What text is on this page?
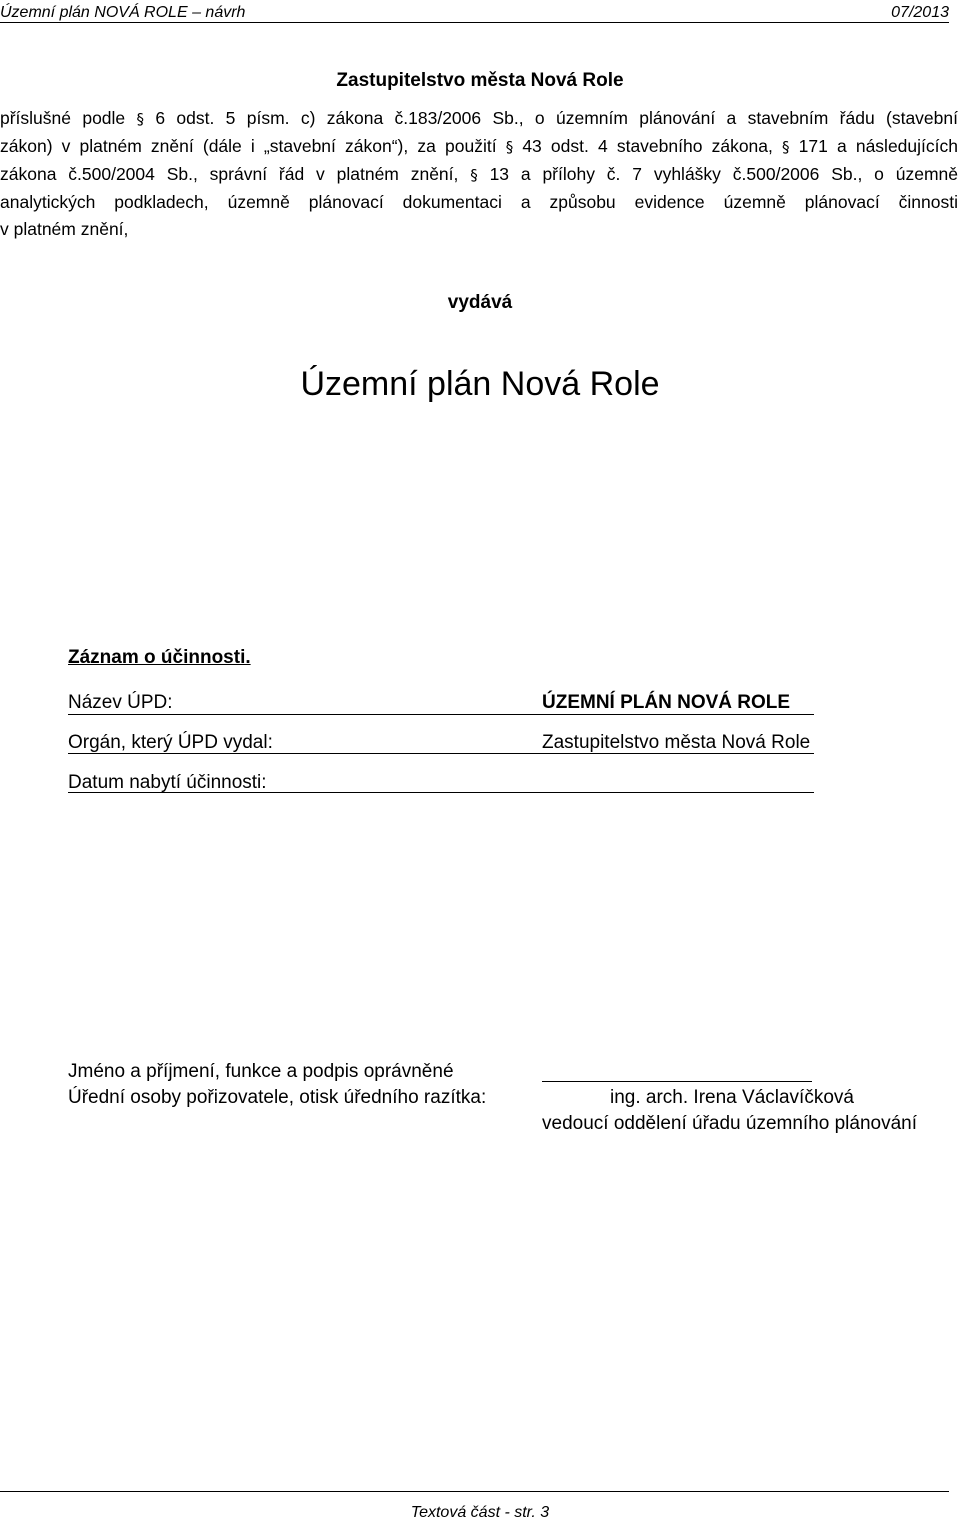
Územní plán NOVÁ ROLE – návrh	07/2013
Zastupitelstvo města Nová Role
příslušné podle § 6 odst. 5 písm. c) zákona č.183/2006 Sb., o územním plánování a stavebním řádu (stavební
zákon) v platném znění (dále i „stavební zákon“), za použití § 43 odst. 4 stavebního zákona, § 171 a následujících
zákona č.500/2004 Sb., správní řád v platném znění, § 13 a přílohy č. 7 vyhlášky č.500/2006 Sb., o územně
analytických podkladech, územně plánovací dokumentaci a způsobu evidence územně plánovací činnosti
v platném znění,
vydává
Územní plán Nová Role
Záznam o účinnosti.
Název ÚPD:	ÚZEMNÍ PLÁN NOVÁ ROLE
Orgán, který ÚPD vydal:	Zastupitelstvo města Nová Role
Datum nabytí účinnosti:
Jméno a příjmení, funkce a podpis oprávněné
Úřední osoby pořizovatele, otisk úředního razítka:	ing. arch. Irena Václavíčková
vedoucí oddělení úřadu územního plánování
Textová část - str. 3
